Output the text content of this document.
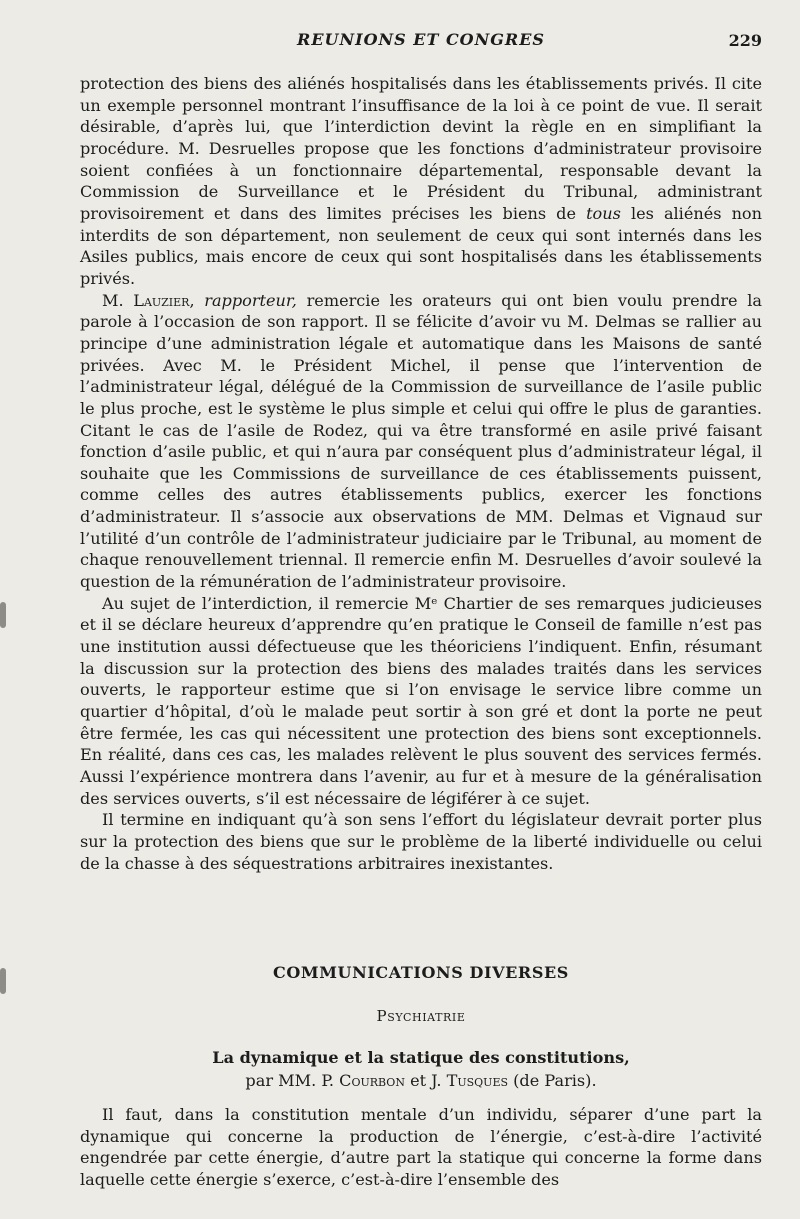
REUNIONS ET CONGRES	229

protection des biens des aliénés hospitalisés dans les établissements privés. Il cite un exemple personnel montrant l’insuffisance de la loi à ce point de vue. Il serait désirable, d’après lui, que l’interdiction devint la règle en en simplifiant la procédure. M. Desruelles propose que les fonctions d’administrateur provisoire soient confiées à un fonctionnaire départemental, responsable devant la Commission de Surveillance et le Président du Tribunal, administrant provisoirement et dans des limites précises les biens de tous les aliénés non interdits de son département, non seulement de ceux qui sont internés dans les Asiles publics, mais encore de ceux qui sont hospitalisés dans les établissements privés.

M. Lauzier, rapporteur, remercie les orateurs qui ont bien voulu prendre la parole à l’occasion de son rapport. Il se félicite d’avoir vu M. Delmas se rallier au principe d’une administration légale et automatique dans les Maisons de santé privées. Avec M. le Président Michel, il pense que l’intervention de l’administrateur légal, délégué de la Commission de surveillance de l’asile public le plus proche, est le système le plus simple et celui qui offre le plus de garanties. Citant le cas de l’asile de Rodez, qui va être transformé en asile privé faisant fonction d’asile public, et qui n’aura par conséquent plus d’administrateur légal, il souhaite que les Commissions de surveillance de ces établissements puissent, comme celles des autres établissements publics, exercer les fonctions d’administrateur. Il s’associe aux observations de MM. Delmas et Vignaud sur l’utilité d’un contrôle de l’administrateur judiciaire par le Tribunal, au moment de chaque renouvellement triennal. Il remercie enfin M. Desruelles d’avoir soulevé la question de la rémunération de l’administrateur provisoire.

Au sujet de l’interdiction, il remercie Mᵉ Chartier de ses remarques judicieuses et il se déclare heureux d’apprendre qu’en pratique le Conseil de famille n’est pas une institution aussi défectueuse que les théoriciens l’indiquent. Enfin, résumant la discussion sur la protection des biens des malades traités dans les services ouverts, le rapporteur estime que si l’on envisage le service libre comme un quartier d’hôpital, d’où le malade peut sortir à son gré et dont la porte ne peut être fermée, les cas qui nécessitent une protection des biens sont exceptionnels. En réalité, dans ces cas, les malades relèvent le plus souvent des services fermés. Aussi l’expérience montrera dans l’avenir, au fur et à mesure de la généralisation des services ouverts, s’il est nécessaire de légiférer à ce sujet.

Il termine en indiquant qu’à son sens l’effort du législateur devrait porter plus sur la protection des biens que sur le problème de la liberté individuelle ou celui de la chasse à des séquestrations arbitraires inexistantes.

COMMUNICATIONS DIVERSES
Psychiatrie
La dynamique et la statique des constitutions,
par MM. P. Courbon et J. Tusques (de Paris).

Il faut, dans la constitution mentale d’un individu, séparer d’une part la dynamique qui concerne la production de l’énergie, c’est-à-dire l’activité engendrée par cette énergie, d’autre part la statique qui concerne la forme dans laquelle cette énergie s’exerce, c’est-à-dire l’ensemble des
